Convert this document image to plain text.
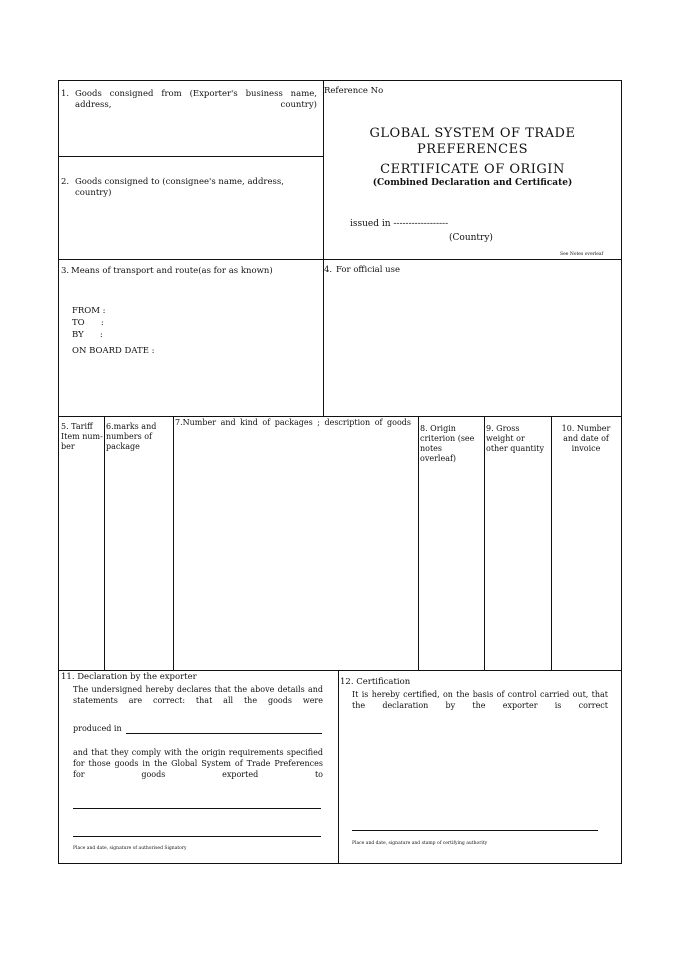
1. Goods consigned from (Exporter's business name, address, country)
2. Goods consigned to (consignee's name, address, country)
3. Means of transport and route(as for as known)
FROM :
TO      :
BY      :
ON BOARD DATE :
Reference No
GLOBAL SYSTEM OF TRADE
PREFERENCES
CERTIFICATE OF ORIGIN
(Combined Declaration and Certificate)
issued in ------------------
(Country)
See Notes overleaf
4. For official use
5. Tariff Item num-ber
6.marks and numbers of package
7.Number and kind of packages ; description of goods
8. Origin criterion (see notes overleaf)
9. Gross weight or other quantity
10. Number and date of invoice
11. Declaration by the exporter
The undersigned hereby declares that the above details and statements are correct: that all the goods were
produced in
and that they comply with the origin requirements specified for those goods in the Global System of Trade Preferences for goods exported to
Place and date, signature of authorised Signatory
12. Certification
It is hereby certified, on the basis of control carried out, that the declaration by the exporter is correct
Place and date, signature and stamp of certifying authority
